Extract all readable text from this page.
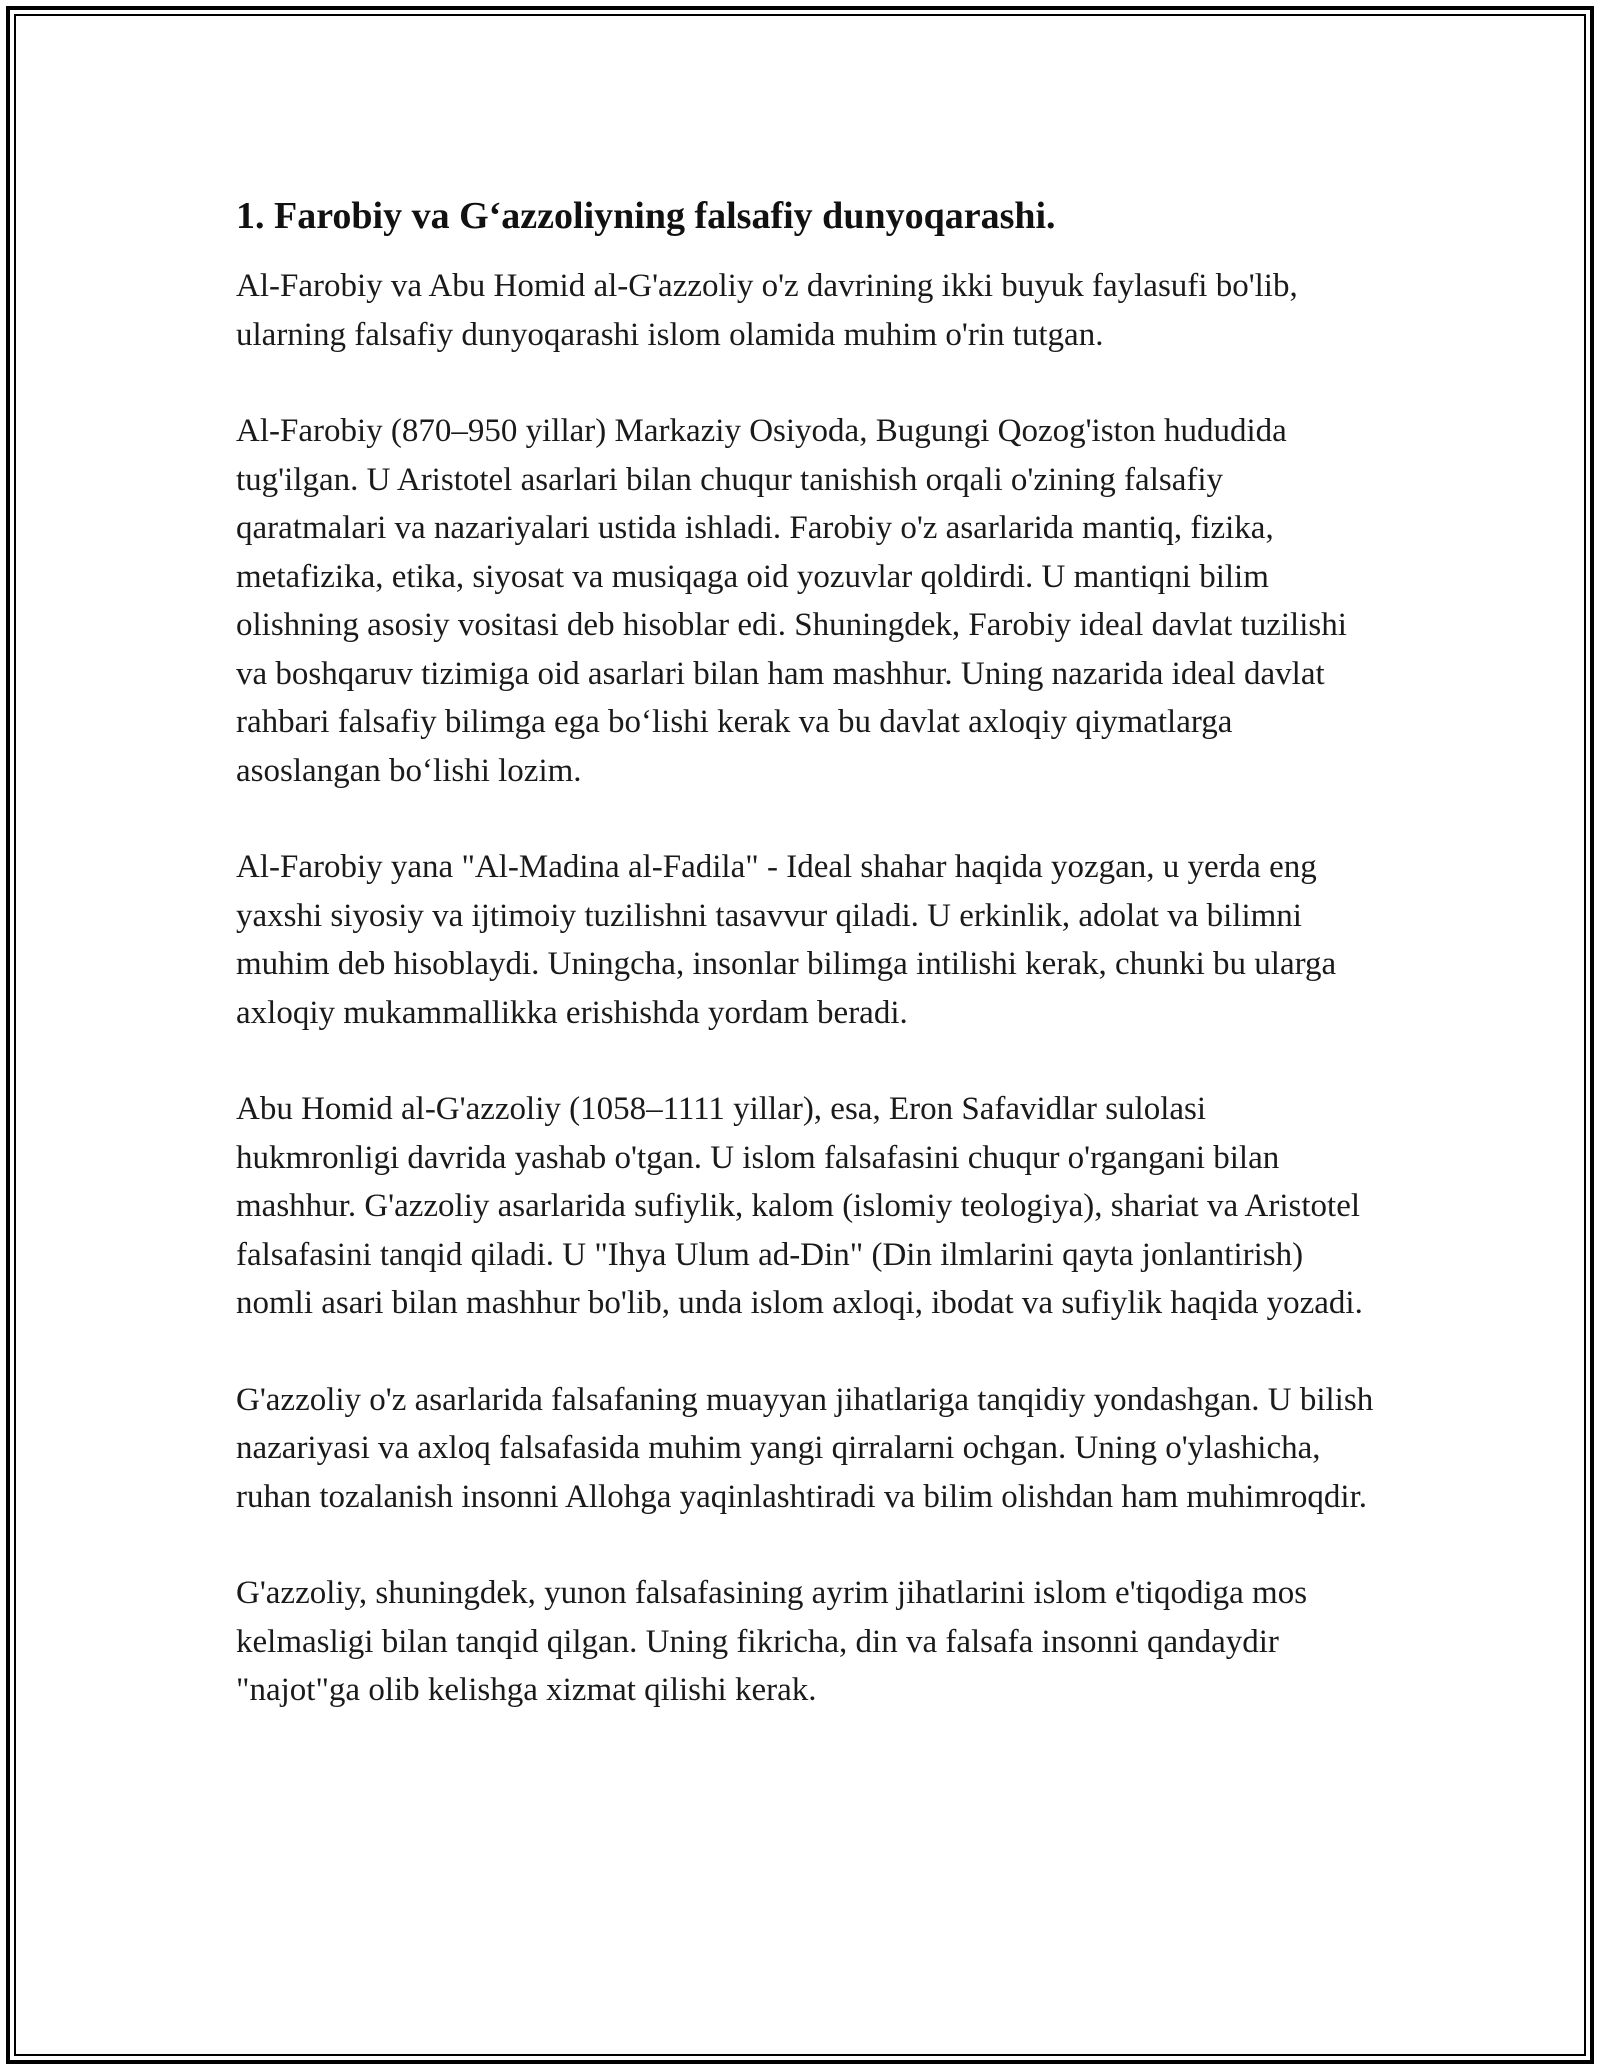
1. Farobiy va G‘azzoliyning falsafiy dunyoqarashi.

Al-Farobiy va Abu Homid al-G'azzoliy o'z davrining ikki buyuk faylasufi bo'lib, ularning falsafiy dunyoqarashi islom olamida muhim o'rin tutgan.

Al-Farobiy (870–950 yillar) Markaziy Osiyoda, Bugungi Qozog'iston hududida tug'ilgan. U Aristotel asarlari bilan chuqur tanishish orqali o'zining falsafiy qaratmalari va nazariyalari ustida ishladi. Farobiy o'z asarlarida mantiq, fizika, metafizika, etika, siyosat va musiqaga oid yozuvlar qoldirdi. U mantiqni bilim olishning asosiy vositasi deb hisoblar edi. Shuningdek, Farobiy ideal davlat tuzilishi va boshqaruv tizimiga oid asarlari bilan ham mashhur. Uning nazarida ideal davlat rahbari falsafiy bilimga ega bo‘lishi kerak va bu davlat axloqiy qiymatlarga asoslangan bo‘lishi lozim.

Al-Farobiy yana "Al-Madina al-Fadila" - Ideal shahar haqida yozgan, u yerda eng yaxshi siyosiy va ijtimoiy tuzilishni tasavvur qiladi. U erkinlik, adolat va bilimni muhim deb hisoblaydi. Uningcha, insonlar bilimga intilishi kerak, chunki bu ularga axloqiy mukammallikka erishishda yordam beradi.

Abu Homid al-G'azzoliy (1058–1111 yillar), esa, Eron Safavidlar sulolasi hukmronligi davrida yashab o'tgan. U islom falsafasini chuqur o'rgangani bilan mashhur. G'azzoliy asarlarida sufiylik, kalom (islomiy teologiya), shariat va Aristotel falsafasini tanqid qiladi. U "Ihya Ulum ad-Din" (Din ilmlarini qayta jonlantirish) nomli asari bilan mashhur bo'lib, unda islom axloqi, ibodat va sufiylik haqida yozadi.

G'azzoliy o'z asarlarida falsafaning muayyan jihatlariga tanqidiy yondashgan. U bilish nazariyasi va axloq falsafasida muhim yangi qirralarni ochgan. Uning o'ylashicha, ruhan tozalanish insonni Allohga yaqinlashtiradi va bilim olishdan ham muhimroqdir.

G'azzoliy, shuningdek, yunon falsafasining ayrim jihatlarini islom e'tiqodiga mos kelmasligi bilan tanqid qilgan. Uning fikricha, din va falsafa insonni qandaydir "najot"ga olib kelishga xizmat qilishi kerak.
